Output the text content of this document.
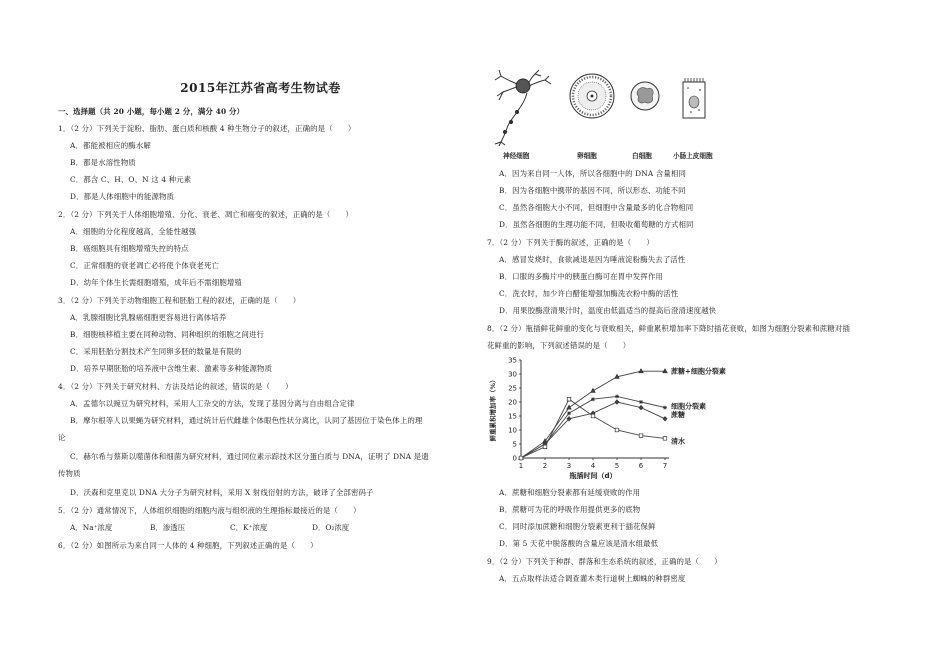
2015年江苏省高考生物试卷
一、选择题（共 20 小题，每小题 2 分，满分 40 分）
1．（2 分）下列关于淀粉、脂肪、蛋白质和核酸 4 种生物分子的叙述，正确的是（　　）
A．都能被相应的酶水解
B．都是水溶性物质
C．都含 C、H、O、N 这 4 种元素
D．都是人体细胞中的能源物质
2．（2 分）下列关于人体细胞增殖、分化、衰老、凋亡和癌变的叙述，正确的是（　　）
A．细胞的分化程度越高，全能性越强
B．癌细胞具有细胞增殖失控的特点
C．正常细胞的衰老凋亡必将使个体衰老死亡
D．幼年个体生长需细胞增殖，成年后不需细胞增殖
3．（2 分）下列关于动物细胞工程和胚胎工程的叙述，正确的是（　　）
A．乳腺细胞比乳腺癌细胞更容易进行离体培养
B．细胞核移植主要在同种动物、同种组织的细胞之间进行
C．采用胚胎分割技术产生同卵多胚的数量是有限的
D．培养早期胚胎的培养液中含维生素、激素等多种能源物质
4．（2 分）下列关于研究材料、方法及结论的叙述，错误的是（　　）
A．孟德尔以豌豆为研究材料，采用人工杂交的方法，发现了基因分离与自由组合定律
B．摩尔根等人以果蝇为研究材料，通过统计后代雌雄个体眼色性状分离比，认同了基因位于染色体上的理
论
C．赫尔希与蔡斯以噬菌体和细菌为研究材料，通过同位素示踪技术区分蛋白质与 DNA，证明了 DNA 是遗
传物质
D．沃森和克里克以 DNA 大分子为研究材料，采用 X 射线衍射的方法，破译了全部密码子
5．（2 分）通常情况下，人体组织细胞的细胞内液与组织液的生理指标最接近的是（　　）
A．Na⁺浓度	B．渗透压	C．K⁺浓度	D．O₂浓度
6．（2 分）如图所示为来自同一人体的 4 种细胞，下列叙述正确的是（　　）
神经细胞	卵细胞	白细胞	小肠上皮细胞
A．因为来自同一人体，所以各细胞中的 DNA 含量相同
B．因为各细胞中携带的基因不同，所以形态、功能不同
C．虽然各细胞大小不同，但细胞中含量最多的化合物相同
D．虽然各细胞的生理功能不同，但吸收葡萄糖的方式相同
7．（2 分）下列关于酶的叙述，正确的是（　　）
A．感冒发烧时，食欲减退是因为唾液淀粉酶失去了活性
B．口服的多酶片中的胰蛋白酶可在胃中发挥作用
C．洗衣时，加少许白醋能增强加酶洗衣粉中酶的活性
D．用果胶酶澄清果汁时，温度由低温适当的提高后澄清速度越快
8．（2 分）瓶插鲜花鲜重的变化与衰败相关，鲜重累积增加率下降时插花衰败，如图为细胞分裂素和蔗糖对插
花鲜重的影响，下列叙述错误的是（　　）
0
5
10
15
20
25
30
35
1	2	3	4	5	6	7
瓶插时间（d）
鲜重累积增加率（%）
蔗糖+细胞分裂素
细胞分裂素
蔗糖
清水
A．蔗糖和细胞分裂素都有延缓衰败的作用
B．蔗糖可为花的呼吸作用提供更多的底物
C．同时添加蔗糖和细胞分裂素更利于插花保鲜
D．第 5 天花中脱落酸的含量应该是清水组最低
9．（2 分）下列关于种群、群落和生态系统的叙述，正确的是（　　）
A．五点取样法适合调查灌木类行道树上蜘蛛的种群密度
